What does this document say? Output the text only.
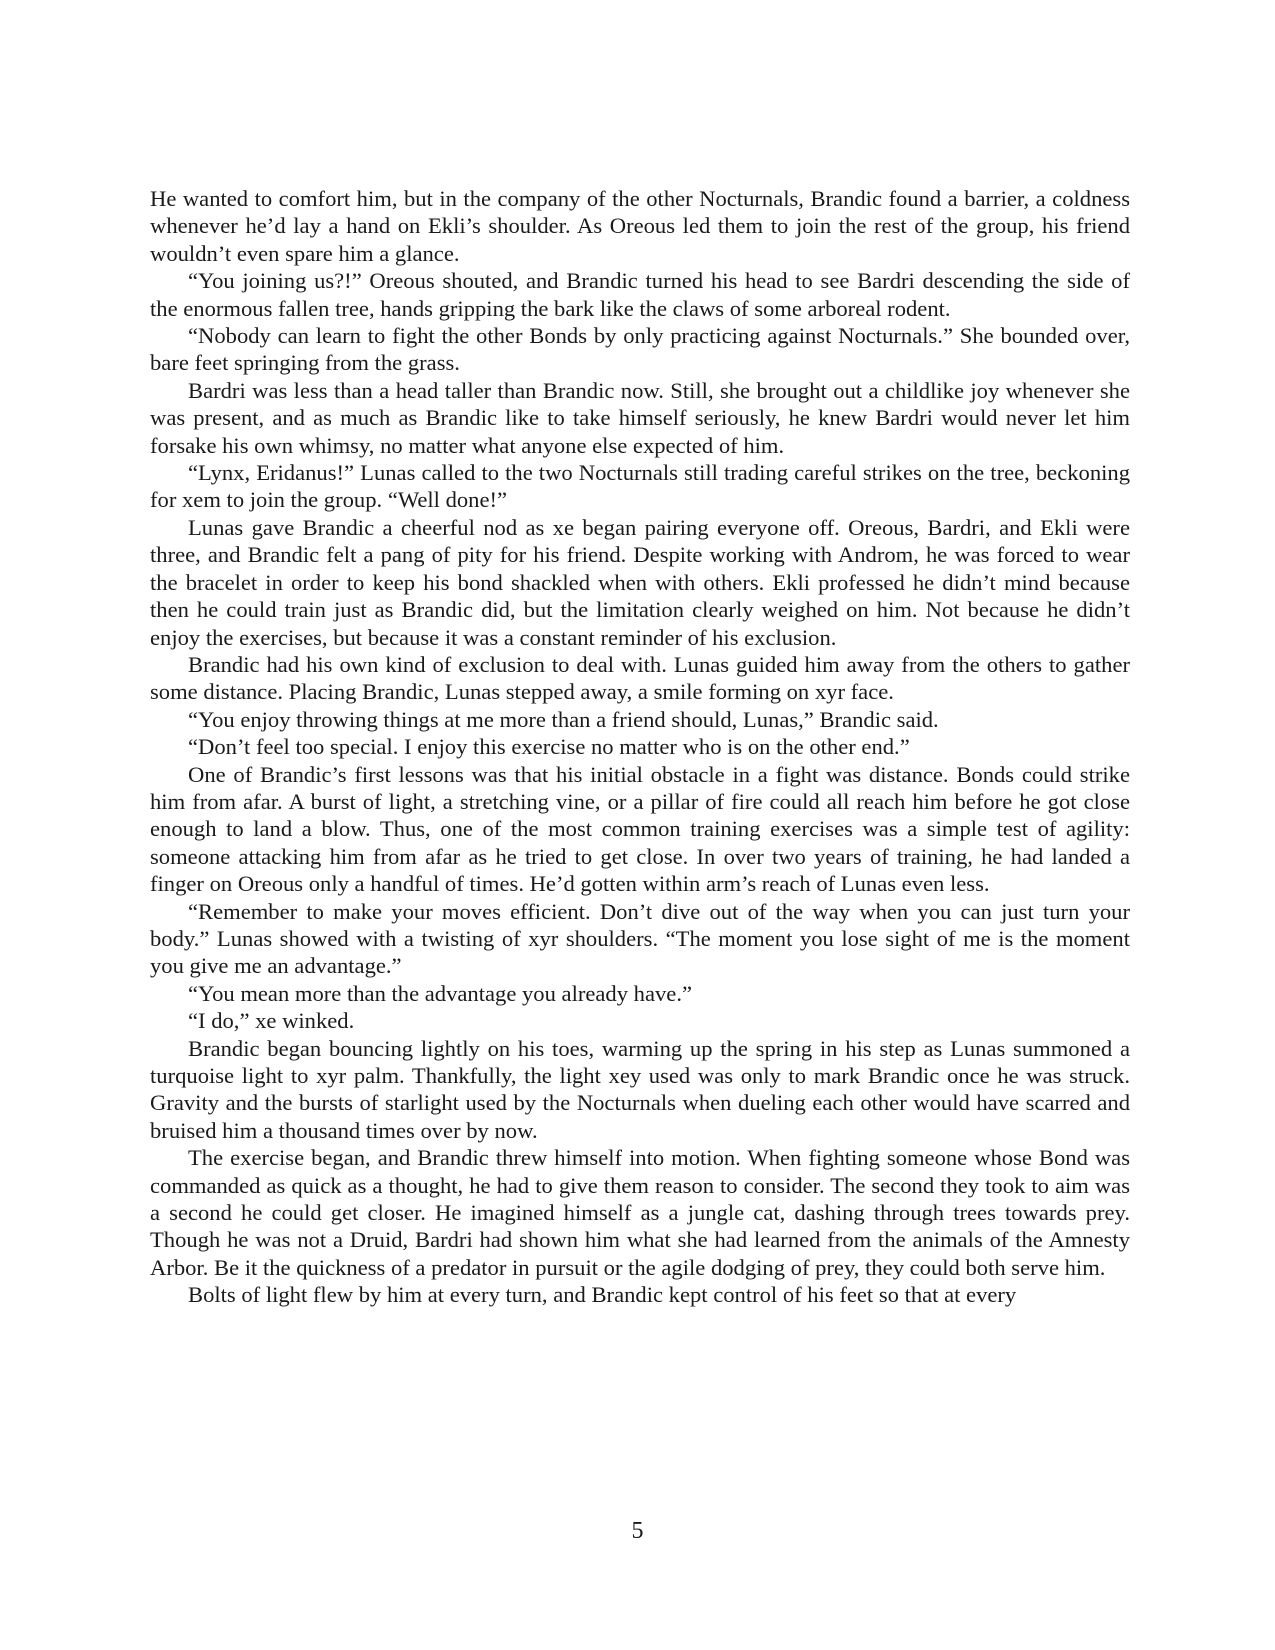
He wanted to comfort him, but in the company of the other Nocturnals, Brandic found a barrier, a coldness whenever he’d lay a hand on Ekli’s shoulder. As Oreous led them to join the rest of the group, his friend wouldn’t even spare him a glance.

“You joining us?!” Oreous shouted, and Brandic turned his head to see Bardri descending the side of the enormous fallen tree, hands gripping the bark like the claws of some arboreal rodent.

“Nobody can learn to fight the other Bonds by only practicing against Nocturnals.” She bounded over, bare feet springing from the grass.

Bardri was less than a head taller than Brandic now. Still, she brought out a childlike joy whenever she was present, and as much as Brandic like to take himself seriously, he knew Bardri would never let him forsake his own whimsy, no matter what anyone else expected of him.

“Lynx, Eridanus!” Lunas called to the two Nocturnals still trading careful strikes on the tree, beckoning for xem to join the group. “Well done!”

Lunas gave Brandic a cheerful nod as xe began pairing everyone off. Oreous, Bardri, and Ekli were three, and Brandic felt a pang of pity for his friend. Despite working with Androm, he was forced to wear the bracelet in order to keep his bond shackled when with others. Ekli professed he didn’t mind because then he could train just as Brandic did, but the limitation clearly weighed on him. Not because he didn’t enjoy the exercises, but because it was a constant reminder of his exclusion.

Brandic had his own kind of exclusion to deal with. Lunas guided him away from the others to gather some distance. Placing Brandic, Lunas stepped away, a smile forming on xyr face.

“You enjoy throwing things at me more than a friend should, Lunas,” Brandic said.

“Don’t feel too special. I enjoy this exercise no matter who is on the other end.”

One of Brandic’s first lessons was that his initial obstacle in a fight was distance. Bonds could strike him from afar. A burst of light, a stretching vine, or a pillar of fire could all reach him before he got close enough to land a blow. Thus, one of the most common training exercises was a simple test of agility: someone attacking him from afar as he tried to get close. In over two years of training, he had landed a finger on Oreous only a handful of times. He’d gotten within arm’s reach of Lunas even less.

“Remember to make your moves efficient. Don’t dive out of the way when you can just turn your body.” Lunas showed with a twisting of xyr shoulders. “The moment you lose sight of me is the moment you give me an advantage.”

“You mean more than the advantage you already have.”

“I do,” xe winked.

Brandic began bouncing lightly on his toes, warming up the spring in his step as Lunas summoned a turquoise light to xyr palm. Thankfully, the light xey used was only to mark Brandic once he was struck. Gravity and the bursts of starlight used by the Nocturnals when dueling each other would have scarred and bruised him a thousand times over by now.

The exercise began, and Brandic threw himself into motion. When fighting someone whose Bond was commanded as quick as a thought, he had to give them reason to consider. The second they took to aim was a second he could get closer. He imagined himself as a jungle cat, dashing through trees towards prey. Though he was not a Druid, Bardri had shown him what she had learned from the animals of the Amnesty Arbor. Be it the quickness of a predator in pursuit or the agile dodging of prey, they could both serve him.

Bolts of light flew by him at every turn, and Brandic kept control of his feet so that at every

5
